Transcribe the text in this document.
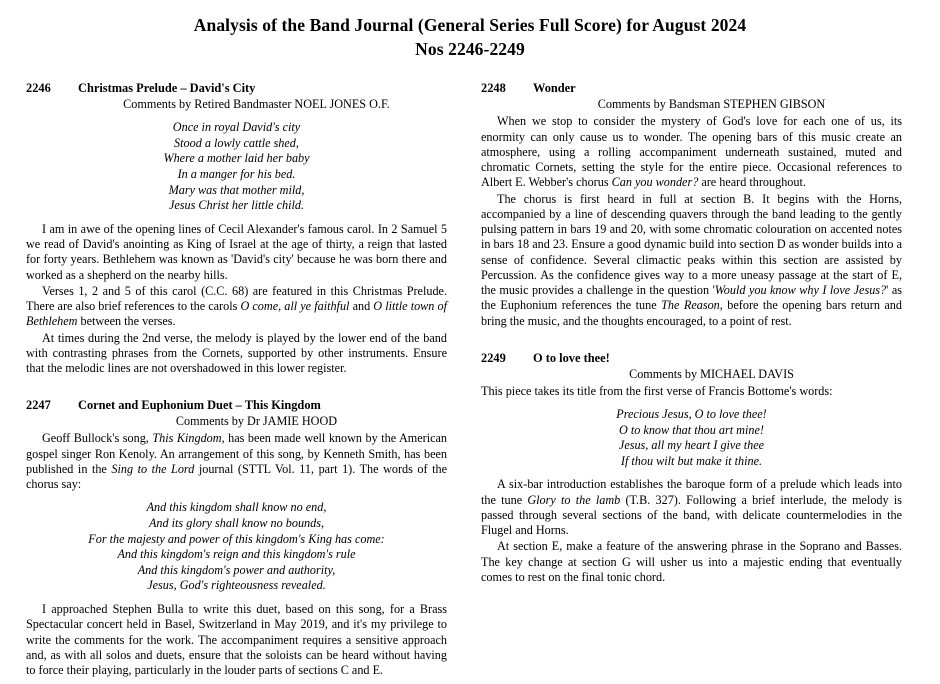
Analysis of the Band Journal (General Series Full Score) for August 2024
Nos 2246-2249
2246	Christmas Prelude – David's City
Comments by Retired Bandmaster NOEL JONES O.F.
Once in royal David's city
Stood a lowly cattle shed,
Where a mother laid her baby
In a manger for his bed.
Mary was that mother mild,
Jesus Christ her little child.

I am in awe of the opening lines of Cecil Alexander's famous carol. In 2 Samuel 5 we read of David's anointing as King of Israel at the age of thirty, a reign that lasted for forty years. Bethlehem was known as 'David's city' because he was born there and worked as a shepherd on the nearby hills.

Verses 1, 2 and 5 of this carol (C.C. 68) are featured in this Christmas Prelude. There are also brief references to the carols O come, all ye faithful and O little town of Bethlehem between the verses.

At times during the 2nd verse, the melody is played by the lower end of the band with contrasting phrases from the Cornets, supported by other instruments. Ensure that the melodic lines are not overshadowed in this lower register.

2247	Cornet and Euphonium Duet – This Kingdom
Comments by Dr JAMIE HOOD

Geoff Bullock's song, This Kingdom, has been made well known by the American gospel singer Ron Kenoly. An arrangement of this song, by Kenneth Smith, has been published in the Sing to the Lord journal (STTL Vol. 11, part 1). The words of the chorus say:

And this kingdom shall know no end,
And its glory shall know no bounds,
For the majesty and power of this kingdom's King has come:
And this kingdom's reign and this kingdom's rule
And this kingdom's power and authority,
Jesus, God's righteousness revealed.

I approached Stephen Bulla to write this duet, based on this song, for a Brass Spectacular concert held in Basel, Switzerland in May 2019, and it's my privilege to write the comments for the work. The accompaniment requires a sensitive approach and, as with all solos and duets, ensure that the soloists can be heard without having to force their playing, particularly in the louder parts of sections C and E.

2248	Wonder
Comments by Bandsman STEPHEN GIBSON

When we stop to consider the mystery of God's love for each one of us, its enormity can only cause us to wonder. The opening bars of this music create an atmosphere, using a rolling accompaniment underneath sustained, muted and chromatic Cornets, setting the style for the entire piece. Occasional references to Albert E. Webber's chorus Can you wonder? are heard throughout.

The chorus is first heard in full at section B. It begins with the Horns, accompanied by a line of descending quavers through the band leading to the gently pulsing pattern in bars 19 and 20, with some chromatic colouration on accented notes in bars 18 and 23. Ensure a good dynamic build into section D as wonder builds into a sense of confidence. Several climactic peaks within this section are assisted by Percussion. As the confidence gives way to a more uneasy passage at the start of E, the music provides a challenge in the question 'Would you know why I love Jesus?' as the Euphonium references the tune The Reason, before the opening bars return and bring the music, and the thoughts encouraged, to a point of rest.

2249	O to love thee!
Comments by MICHAEL DAVIS

This piece takes its title from the first verse of Francis Bottome's words:

Precious Jesus, O to love thee!
O to know that thou art mine!
Jesus, all my heart I give thee
If thou wilt but make it thine.

A six-bar introduction establishes the baroque form of a prelude which leads into the tune Glory to the lamb (T.B. 327). Following a brief interlude, the melody is passed through several sections of the band, with delicate countermelodies in the Flugel and Horns.

At section E, make a feature of the answering phrase in the Soprano and Basses. The key change at section G will usher us into a majestic ending that eventually comes to rest on the final tonic chord.
